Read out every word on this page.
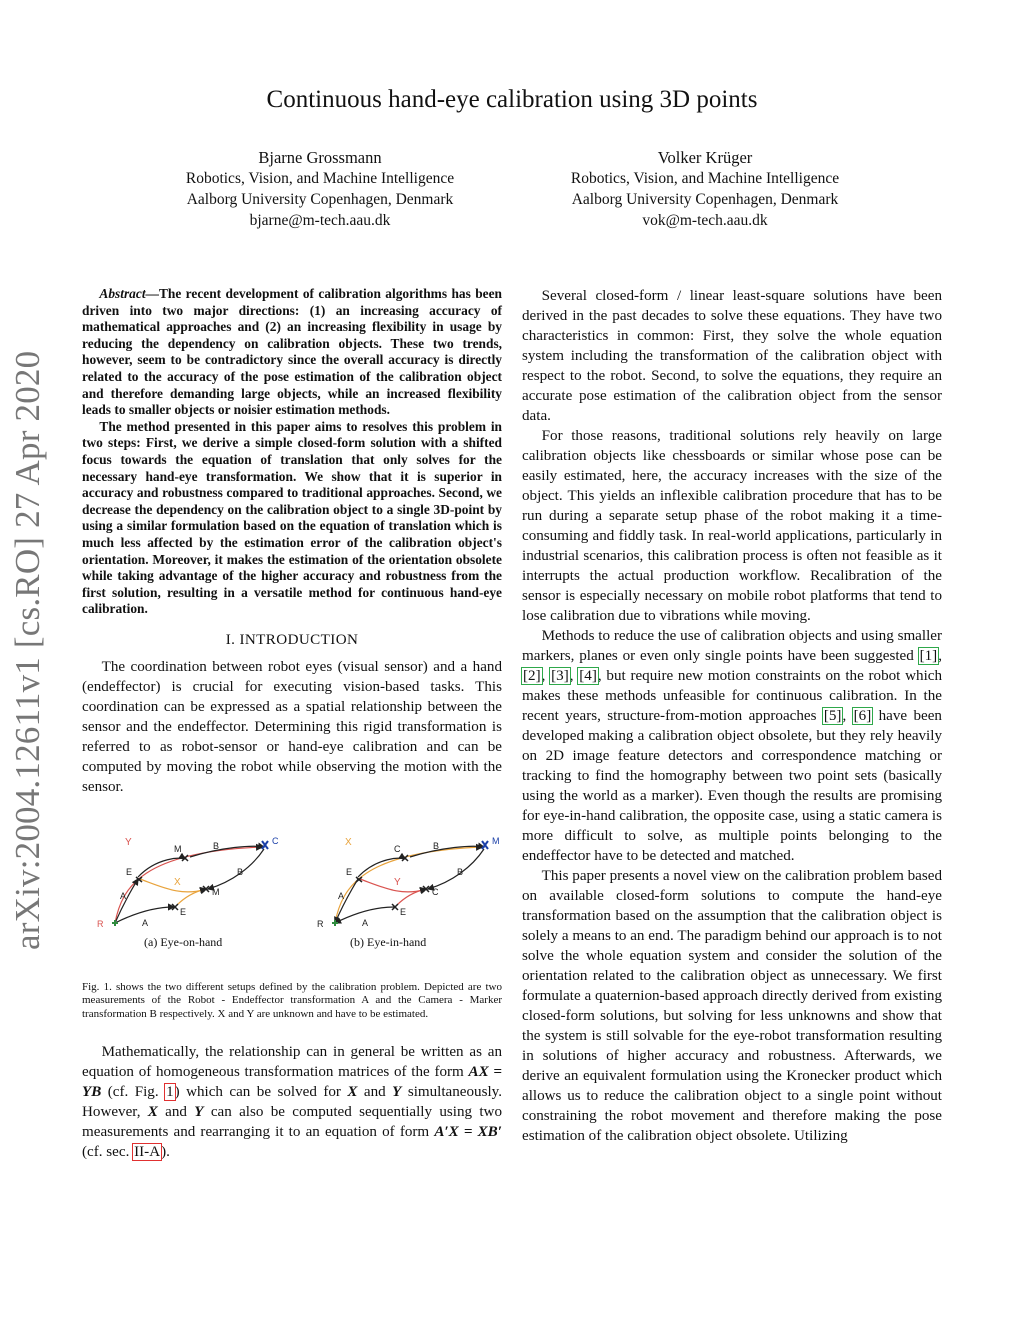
Continuous hand-eye calibration using 3D points
Bjarne Grossmann
Robotics, Vision, and Machine Intelligence
Aalborg University Copenhagen, Denmark
bjarne@m-tech.aau.dk
Volker Krüger
Robotics, Vision, and Machine Intelligence
Aalborg University Copenhagen, Denmark
vok@m-tech.aau.dk
arXiv:2004.12611v1 [cs.RO] 27 Apr 2020

Abstract—The recent development of calibration algorithms has been driven into two major directions: (1) an increasing accuracy of mathematical approaches and (2) an increasing flexibility in usage by reducing the dependency on calibration objects. These two trends, however, seem to be contradictory since the overall accuracy is directly related to the accuracy of the pose estimation of the calibration object and therefore demanding large objects, while an increased flexibility leads to smaller objects or noisier estimation methods.

The method presented in this paper aims to resolves this problem in two steps: First, we derive a simple closed-form solution with a shifted focus towards the equation of translation that only solves for the necessary hand-eye transformation. We show that it is superior in accuracy and robustness compared to traditional approaches. Second, we decrease the dependency on the calibration object to a single 3D-point by using a similar formulation based on the equation of translation which is much less affected by the estimation error of the calibration object's orientation. Moreover, it makes the estimation of the orientation obsolete while taking advantage of the higher accuracy and robustness from the first solution, resulting in a versatile method for continuous hand-eye calibration.

I. INTRODUCTION

The coordination between robot eyes (visual sensor) and a hand (endeffector) is crucial for executing vision-based tasks. This coordination can be expressed as a spatial relationship between the sensor and the endeffector. Determining this rigid transformation is referred to as robot-sensor or hand-eye calibration and can be computed by moving the robot while observing the motion with the sensor.

Y	C
M	B
E
X
B
M
A
R	A
E
X
C	B	M
E
Y
B
C
A
R	A
E
(a) Eye-on-hand	(b) Eye-in-hand
Fig. 1. shows the two different setups defined by the calibration problem. Depicted are two measurements of the Robot - Endeffector transformation A and the Camera - Marker transformation B respectively. X and Y are unknown and have to be estimated.

Mathematically, the relationship can in general be written as an equation of homogeneous transformation matrices of the form AX = YB (cf. Fig. 1) which can be solved for X and Y simultaneously. However, X and Y can also be computed sequentially using two measurements and rearranging it to an equation of form A′X = XB′ (cf. sec. II-A).

Several closed-form / linear least-square solutions have been derived in the past decades to solve these equations. They have two characteristics in common: First, they solve the whole equation system including the transformation of the calibration object with respect to the robot. Second, to solve the equations, they require an accurate pose estimation of the calibration object from the sensor data.

For those reasons, traditional solutions rely heavily on large calibration objects like chessboards or similar whose pose can be easily estimated, here, the accuracy increases with the size of the object. This yields an inflexible calibration procedure that has to be run during a separate setup phase of the robot making it a time-consuming and fiddly task. In real-world applications, particularly in industrial scenarios, this calibration process is often not feasible as it interrupts the actual production workflow. Recalibration of the sensor is especially necessary on mobile robot platforms that tend to lose calibration due to vibrations while moving.

Methods to reduce the use of calibration objects and using smaller markers, planes or even only single points have been suggested [1], [2], [3], [4], but require new motion constraints on the robot which makes these methods unfeasible for continuous calibration. In the recent years, structure-from-motion approaches [5], [6] have been developed making a calibration object obsolete, but they rely heavily on 2D image feature detectors and correspondence matching or tracking to find the homography between two point sets (basically using the world as a marker). Even though the results are promising for eye-in-hand calibration, the opposite case, using a static camera is more difficult to solve, as multiple points belonging to the endeffector have to be detected and matched.

This paper presents a novel view on the calibration problem based on available closed-form solutions to compute the hand-eye transformation based on the assumption that the calibration object is solely a means to an end. The paradigm behind our approach is to not solve the whole equation system and consider the solution of the orientation related to the calibration object as unnecessary. We first formulate a quaternion-based approach directly derived from existing closed-form solutions, but solving for less unknowns and show that the system is still solvable for the eye-robot transformation resulting in solutions of higher accuracy and robustness. Afterwards, we derive an equivalent formulation using the Kronecker product which allows us to reduce the calibration object to a single point without constraining the robot movement and therefore making the pose estimation of the calibration object obsolete. Utilizing
